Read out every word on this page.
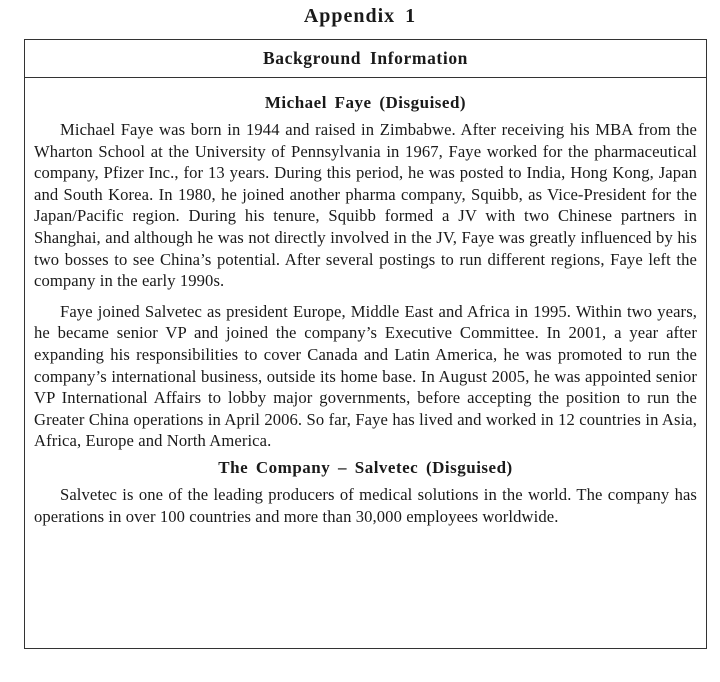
Appendix 1
Background Information
Michael Faye (Disguised)

Michael Faye was born in 1944 and raised in Zimbabwe. After receiving his MBA from the Wharton School at the University of Pennsylvania in 1967, Faye worked for the pharmaceutical company, Pfizer Inc., for 13 years. During this period, he was posted to India, Hong Kong, Japan and South Korea. In 1980, he joined another pharma company, Squibb, as Vice-President for the Japan/Pacific region. During his tenure, Squibb formed a JV with two Chinese partners in Shanghai, and although he was not directly involved in the JV, Faye was greatly influenced by his two bosses to see China’s potential. After several postings to run different regions, Faye left the company in the early 1990s.

Faye joined Salvetec as president Europe, Middle East and Africa in 1995. Within two years, he became senior VP and joined the company’s Executive Committee. In 2001, a year after expanding his responsibilities to cover Canada and Latin America, he was promoted to run the company’s international business, outside its home base. In August 2005, he was appointed senior VP International Affairs to lobby major governments, before accepting the position to run the Greater China operations in April 2006. So far, Faye has lived and worked in 12 countries in Asia, Africa, Europe and North America.

The Company – Salvetec (Disguised)

Salvetec is one of the leading producers of medical solutions in the world. The company has operations in over 100 countries and more than 30,000 employees worldwide.
